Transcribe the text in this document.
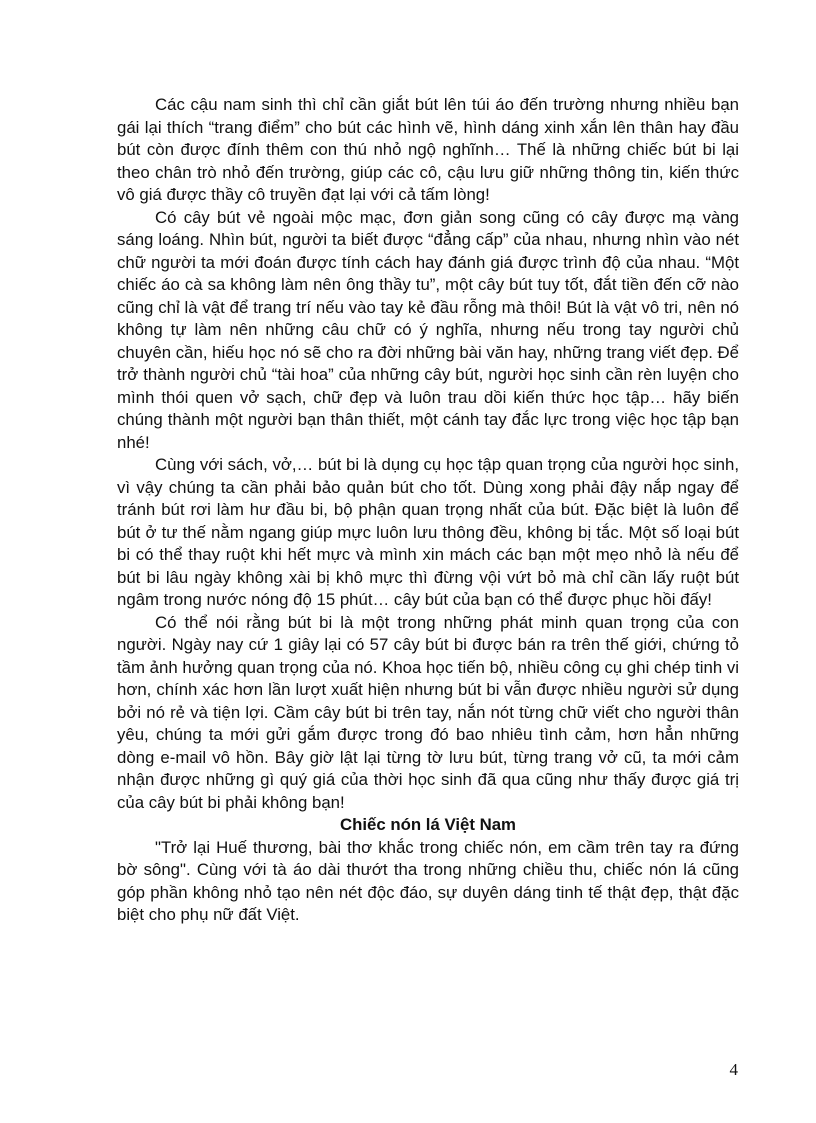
Các cậu nam sinh thì chỉ cần giắt bút lên túi áo đến trường nhưng nhiều bạn gái lại thích “trang điểm” cho bút các hình vẽ, hình dáng xinh xắn lên thân hay đầu bút còn được đính thêm con thú nhỏ ngộ nghĩnh… Thế là những chiếc bút bi lại theo chân trò nhỏ đến trường, giúp các cô, cậu lưu giữ những thông tin, kiến thức vô giá được thầy cô truyền đạt lại với cả tấm lòng!

Có cây bút vẻ ngoài mộc mạc, đơn giản song cũng có cây được mạ vàng sáng loáng. Nhìn bút, người ta biết được “đẳng cấp” của nhau, nhưng nhìn vào nét chữ người ta mới đoán được tính cách hay đánh giá được trình độ của nhau. “Một chiếc áo cà sa không làm nên ông thầy tu”, một cây bút tuy tốt, đắt tiền đến cỡ nào cũng chỉ là vật để trang trí nếu vào tay kẻ đầu rỗng mà thôi! Bút là vật vô tri, nên nó không tự làm nên những câu chữ có ý nghĩa, nhưng nếu trong tay người chủ chuyên cần, hiếu học nó sẽ cho ra đời những bài văn hay, những trang viết đẹp. Để trở thành người chủ “tài hoa” của những cây bút, người học sinh cần rèn luyện cho mình thói quen vở sạch, chữ đẹp và luôn trau dồi kiến thức học tập… hãy biến chúng thành một người bạn thân thiết, một cánh tay đắc lực trong việc học tập bạn nhé!

Cùng với sách, vở,… bút bi là dụng cụ học tập quan trọng của người học sinh, vì vậy chúng ta cần phải bảo quản bút cho tốt. Dùng xong phải đậy nắp ngay để tránh bút rơi làm hư đầu bi, bộ phận quan trọng nhất của bút. Đặc biệt là luôn để bút ở tư thế nằm ngang giúp mực luôn lưu thông đều, không bị tắc. Một số loại bút bi có thể thay ruột khi hết mực và mình xin mách các bạn một mẹo nhỏ là nếu để bút bi lâu ngày không xài bị khô mực thì đừng vội vứt bỏ mà chỉ cần lấy ruột bút ngâm trong nước nóng độ 15 phút… cây bút của bạn có thể được phục hồi đấy!

Có thể nói rằng bút bi là một trong những phát minh quan trọng của con người. Ngày nay cứ 1 giây lại có 57 cây bút bi được bán ra trên thế giới, chứng tỏ tầm ảnh hưởng quan trọng của nó. Khoa học tiến bộ, nhiều công cụ ghi chép tinh vi hơn, chính xác hơn lần lượt xuất hiện nhưng bút bi vẫn được nhiều người sử dụng bởi nó rẻ và tiện lợi. Cầm cây bút bi trên tay, nắn nót từng chữ viết cho người thân yêu, chúng ta mới gửi gắm được trong đó bao nhiêu tình cảm, hơn hẳn những dòng e-mail vô hồn. Bây giờ lật lại từng tờ lưu bút, từng trang vở cũ, ta mới cảm nhận được những gì quý giá của thời học sinh đã qua cũng như thấy được giá trị của cây bút bi phải không bạn!

Chiếc nón lá Việt Nam

"Trở lại Huế thương, bài thơ khắc trong chiếc nón, em cầm trên tay ra đứng bờ sông". Cùng với tà áo dài thướt tha trong những chiều thu, chiếc nón lá cũng góp phần không nhỏ tạo nên nét độc đáo, sự duyên dáng tinh tế thật đẹp, thật đặc biệt cho phụ nữ đất Việt.

4
